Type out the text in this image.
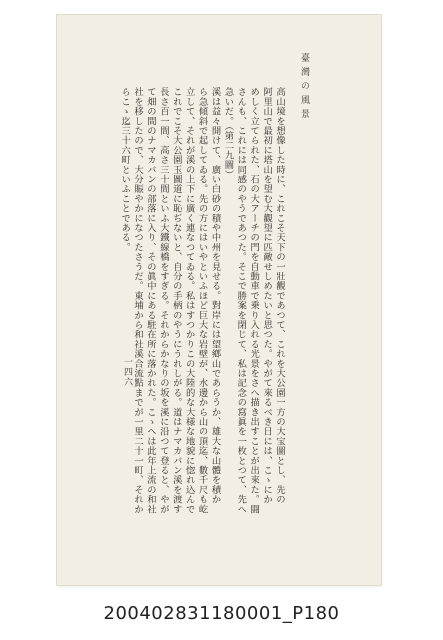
臺灣の風景
高山境を想像した時に、これこそ天下の一壯觀であつて、これを大公園一方の大宝圖とし、先の
阿里山で最初に塔山を望む大觀望に匹敵せしめたいと思つた。やがて來るべき日には、こゝにか
めしく立てられた、石の大アーチの門を自動車で乗り入れる光景をさへ描き出すことが出來た。闘
さんも、これには同感のやうであつた。そこで勝案を閉じて、私は記念の寫眞を一枚とつて、先へ
急いだ。（第二九圖）
溪は益々開けて、廣い白砂の積や中州を見せる。對岸には望鄕山であらうか、雄大な山體を積か
ら急傾斜で起してゐる。先の方にはいやといふほど巨大な岩壁が、水邊から山の頂迄、數千尺も屹
立して、それが溪の上下に廣く連なつてゐる。私はすつかりこの大陸的な大様な地貌に惚れ込んで
これでこそ大公園玉圖道に恥ぢないと、自分の手柄のやうにうれしがる。道はナマカバン溪を渡す
長さ百一間、高さ三十間といふ大鐵線橋をすぎる。それからかなりの坂を溪に沿つて登ると、やが
て畑の間のナマカバンの部落に入り、その眞中にある駐在所に落かれた。こゝへは此年上流の和社
社を移したので、大分賑やかになつたさうだ。東埔から和社溪合流點までが一里二十一町、それか
らこゝ迄三十六町といふことである。
一四六
200402831180001_P180
